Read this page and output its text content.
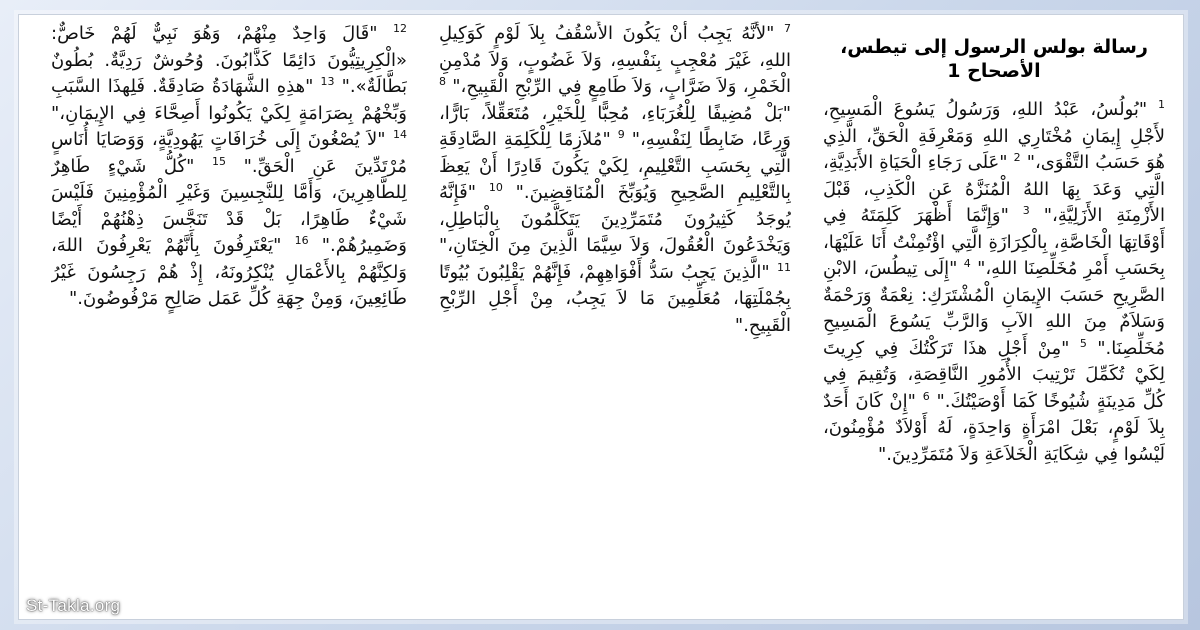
رسالة بولس الرسول إلى تيطس،
الأصحاح 1
$^1$ "بُولُسُ، عَبْدُ اللهِ، وَرَسُولُ يَسُوعَ الْمَسِيحِ، لأَجْلِ إِيمَانِ مُخْتَارِي اللهِ وَمَعْرِفَةِ الْحَقِّ، الَّذِي هُوَ حَسَبُ التَّقْوَى،" $^2$ "عَلَى رَجَاءِ الْحَيَاةِ الأَبَدِيَّةِ، الَّتِي وَعَدَ بِهَا اللهُ الْمُنَزَّهُ عَنِ الْكَذِبِ، قَبْلَ الأَزْمِنَةِ الأَزَلِيَّةِ،" $^3$ "وَإِنَّمَا أَظْهَرَ كَلِمَتَهُ فِي أَوْقَاتِهَا الْخَاصَّةِ، بِالْكِرَازَةِ الَّتِي اؤْتُمِنْتُ أَنَا عَلَيْهَا، بِحَسَبِ أَمْرِ مُخَلِّصِنَا اللهِ،" $^4$ "إِلَى تِيطُسَ، الابْنِ الصَّرِيحِ حَسَبَ الإِيمَانِ الْمُشْتَرَكِ: نِعْمَةٌ وَرَحْمَةٌ وَسَلاَمٌ مِنَ اللهِ الآبِ وَالرَّبِّ يَسُوعَ الْمَسِيحِ مُخَلِّصِنَا." $^5$ "مِنْ أَجْلِ هذَا تَرَكْتُكَ فِي كِرِيتَ لِكَيْ تُكَمِّلَ تَرْتِيبَ الأُمُورِ النَّاقِصَةِ، وَتُقِيمَ فِي كُلِّ مَدِينَةٍ شُيُوخًا كَمَا أَوْصَيْتُكَ." $^6$ "إِنْ كَانَ أَحَدٌ بِلاَ لَوْمٍ، بَعْلَ امْرَأَةٍ وَاحِدَةٍ، لَهُ أَوْلاَدٌ مُؤْمِنُونَ، لَيْسُوا فِي شِكَايَةِ الْخَلاَعَةِ وَلاَ مُتَمَرِّدِينَ."
$^7$ "لأَنَّهُ يَجِبُ أَنْ يَكُونَ الأُسْقُفُ بِلاَ لَوْمٍ كَوَكِيلِ اللهِ، غَيْرَ مُعْجِبٍ بِنَفْسِهِ، وَلاَ غَضُوبٍ، وَلاَ مُدْمِنِ الْخَمْرِ، وَلاَ ضَرَّابٍ، وَلاَ طَامِعٍ فِي الرِّبْحِ الْقَبِيحِ،" $^8$ "بَلْ مُضِيفًا لِلْغُرَبَاءِ، مُحِبًّا لِلْخَيْرِ، مُتَعَقِّلاً، بَارًّا، وَرِعًا، ضَابِطًا لِنَفْسِهِ،" $^9$ "مُلاَزِمًا لِلْكَلِمَةِ الصَّادِقَةِ الَّتِي بِحَسَبِ التَّعْلِيمِ، لِكَيْ يَكُونَ قَادِرًا أَنْ يَعِظَ بِالتَّعْلِيمِ الصَّحِيحِ وَيُوَبِّخَ الْمُنَاقِضِينَ." $^{10}$ "فَإِنَّهُ يُوجَدُ كَثِيرُونَ مُتَمَرِّدِينَ يَتَكَلَّمُونَ بِالْبَاطِلِ، وَيَخْدَعُونَ الْعُقُولَ، وَلاَ سِيَّمَا الَّذِينَ مِنَ الْخِتَانِ،" $^{11}$ "الَّذِينَ يَجِبُ سَدُّ أَفْوَاهِهِمْ، فَإِنَّهُمْ يَقْلِبُونَ بُيُوتًا بِجُمْلَتِهَا، مُعَلِّمِينَ مَا لاَ يَجِبُ، مِنْ أَجْلِ الرِّبْحِ الْقَبِيحِ."
$^{12}$ "قَالَ وَاحِدٌ مِنْهُمْ، وَهُوَ نَبِيٌّ لَهُمْ خَاصٌّ: «الْكِرِيتِيُّونَ دَائِمًا كَذَّابُونَ. وُحُوشٌ رَدِيَّةٌ. بُطُونٌ بَطَّالَةٌ»." $^{13}$ "هذِهِ الشَّهَادَةُ صَادِقَةٌ. فَلِهذَا السَّبَبِ وَبِّخْهُمْ بِصَرَامَةٍ لِكَيْ يَكُونُوا أَصِحَّاءَ فِي الإِيمَانِ،" $^{14}$ "لاَ يُصْغُونَ إِلَى خُرَافَاتٍ يَهُودِيَّةٍ، وَوَصَايَا أُنَاسٍ مُرْتَدِّينَ عَنِ الْحَقِّ." $^{15}$ "كُلُّ شَيْءٍ طَاهِرٌ لِلطَّاهِرِينَ، وَأَمَّا لِلنَّجِسِينَ وَغَيْرِ الْمُؤْمِنِينَ فَلَيْسَ شَيْءٌ طَاهِرًا، بَلْ قَدْ تَنَجَّسَ ذِهْنُهُمْ أَيْضًا وَضَمِيرُهُمْ." $^{16}$ "يَعْتَرِفُونَ بِأَنَّهُمْ يَعْرِفُونَ اللهَ، وَلكِنَّهُمْ بِالأَعْمَالِ يُنْكِرُونَهُ، إِذْ هُمْ رَجِسُونَ غَيْرُ طَائِعِينَ، وَمِنْ جِهَةِ كُلِّ عَمَل صَالِحٍ مَرْفُوضُونَ."
St-Takla.org
